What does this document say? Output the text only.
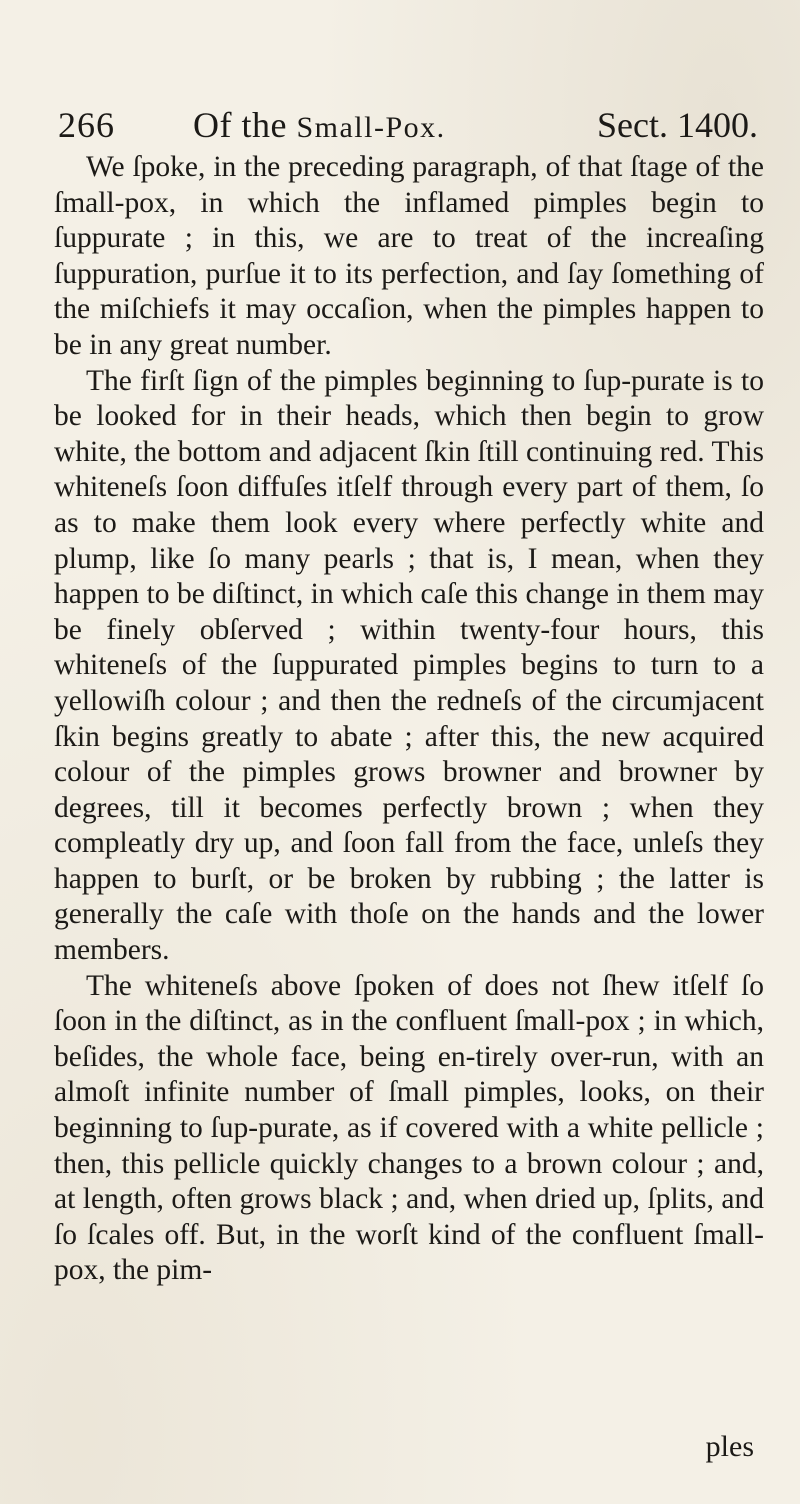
266 Of the Small-Pox.	Sect. 1400.

We ſpoke, in the preceding paragraph, of that ſtage of the ſmall-pox, in which the inflamed pimples begin to ſuppurate ; in this, we are to treat of the increaſing ſuppuration, purſue it to its perfection, and ſay ſomething of the miſchiefs it may occaſion, when the pimples happen to be in any great number.

The firſt ſign of the pimples beginning to ſup-purate is to be looked for in their heads, which then begin to grow white, the bottom and adjacent ſkin ſtill continuing red. This whiteneſs ſoon diffuſes itſelf through every part of them, ſo as to make them look every where perfectly white and plump, like ſo many pearls ; that is, I mean, when they happen to be diſtinct, in which caſe this change in them may be finely obſerved ; within twenty-four hours, this whiteneſs of the ſuppurated pimples begins to turn to a yellowiſh colour ; and then the redneſs of the circumjacent ſkin begins greatly to abate ; after this, the new acquired colour of the pimples grows browner and browner by degrees, till it becomes perfectly brown ; when they compleatly dry up, and ſoon fall from the face, unleſs they happen to burſt, or be broken by rubbing ; the latter is generally the caſe with thoſe on the hands and the lower members.

The whiteneſs above ſpoken of does not ſhew itſelf ſo ſoon in the diſtinct, as in the confluent ſmall-pox ; in which, beſides, the whole face, being en-tirely over-run, with an almoſt infinite number of ſmall pimples, looks, on their beginning to ſup-purate, as if covered with a white pellicle ; then, this pellicle quickly changes to a brown colour ; and, at length, often grows black ; and, when dried up, ſplits, and ſo ſcales off. But, in the worſt kind of the confluent ſmall-pox, the pim-

ples
